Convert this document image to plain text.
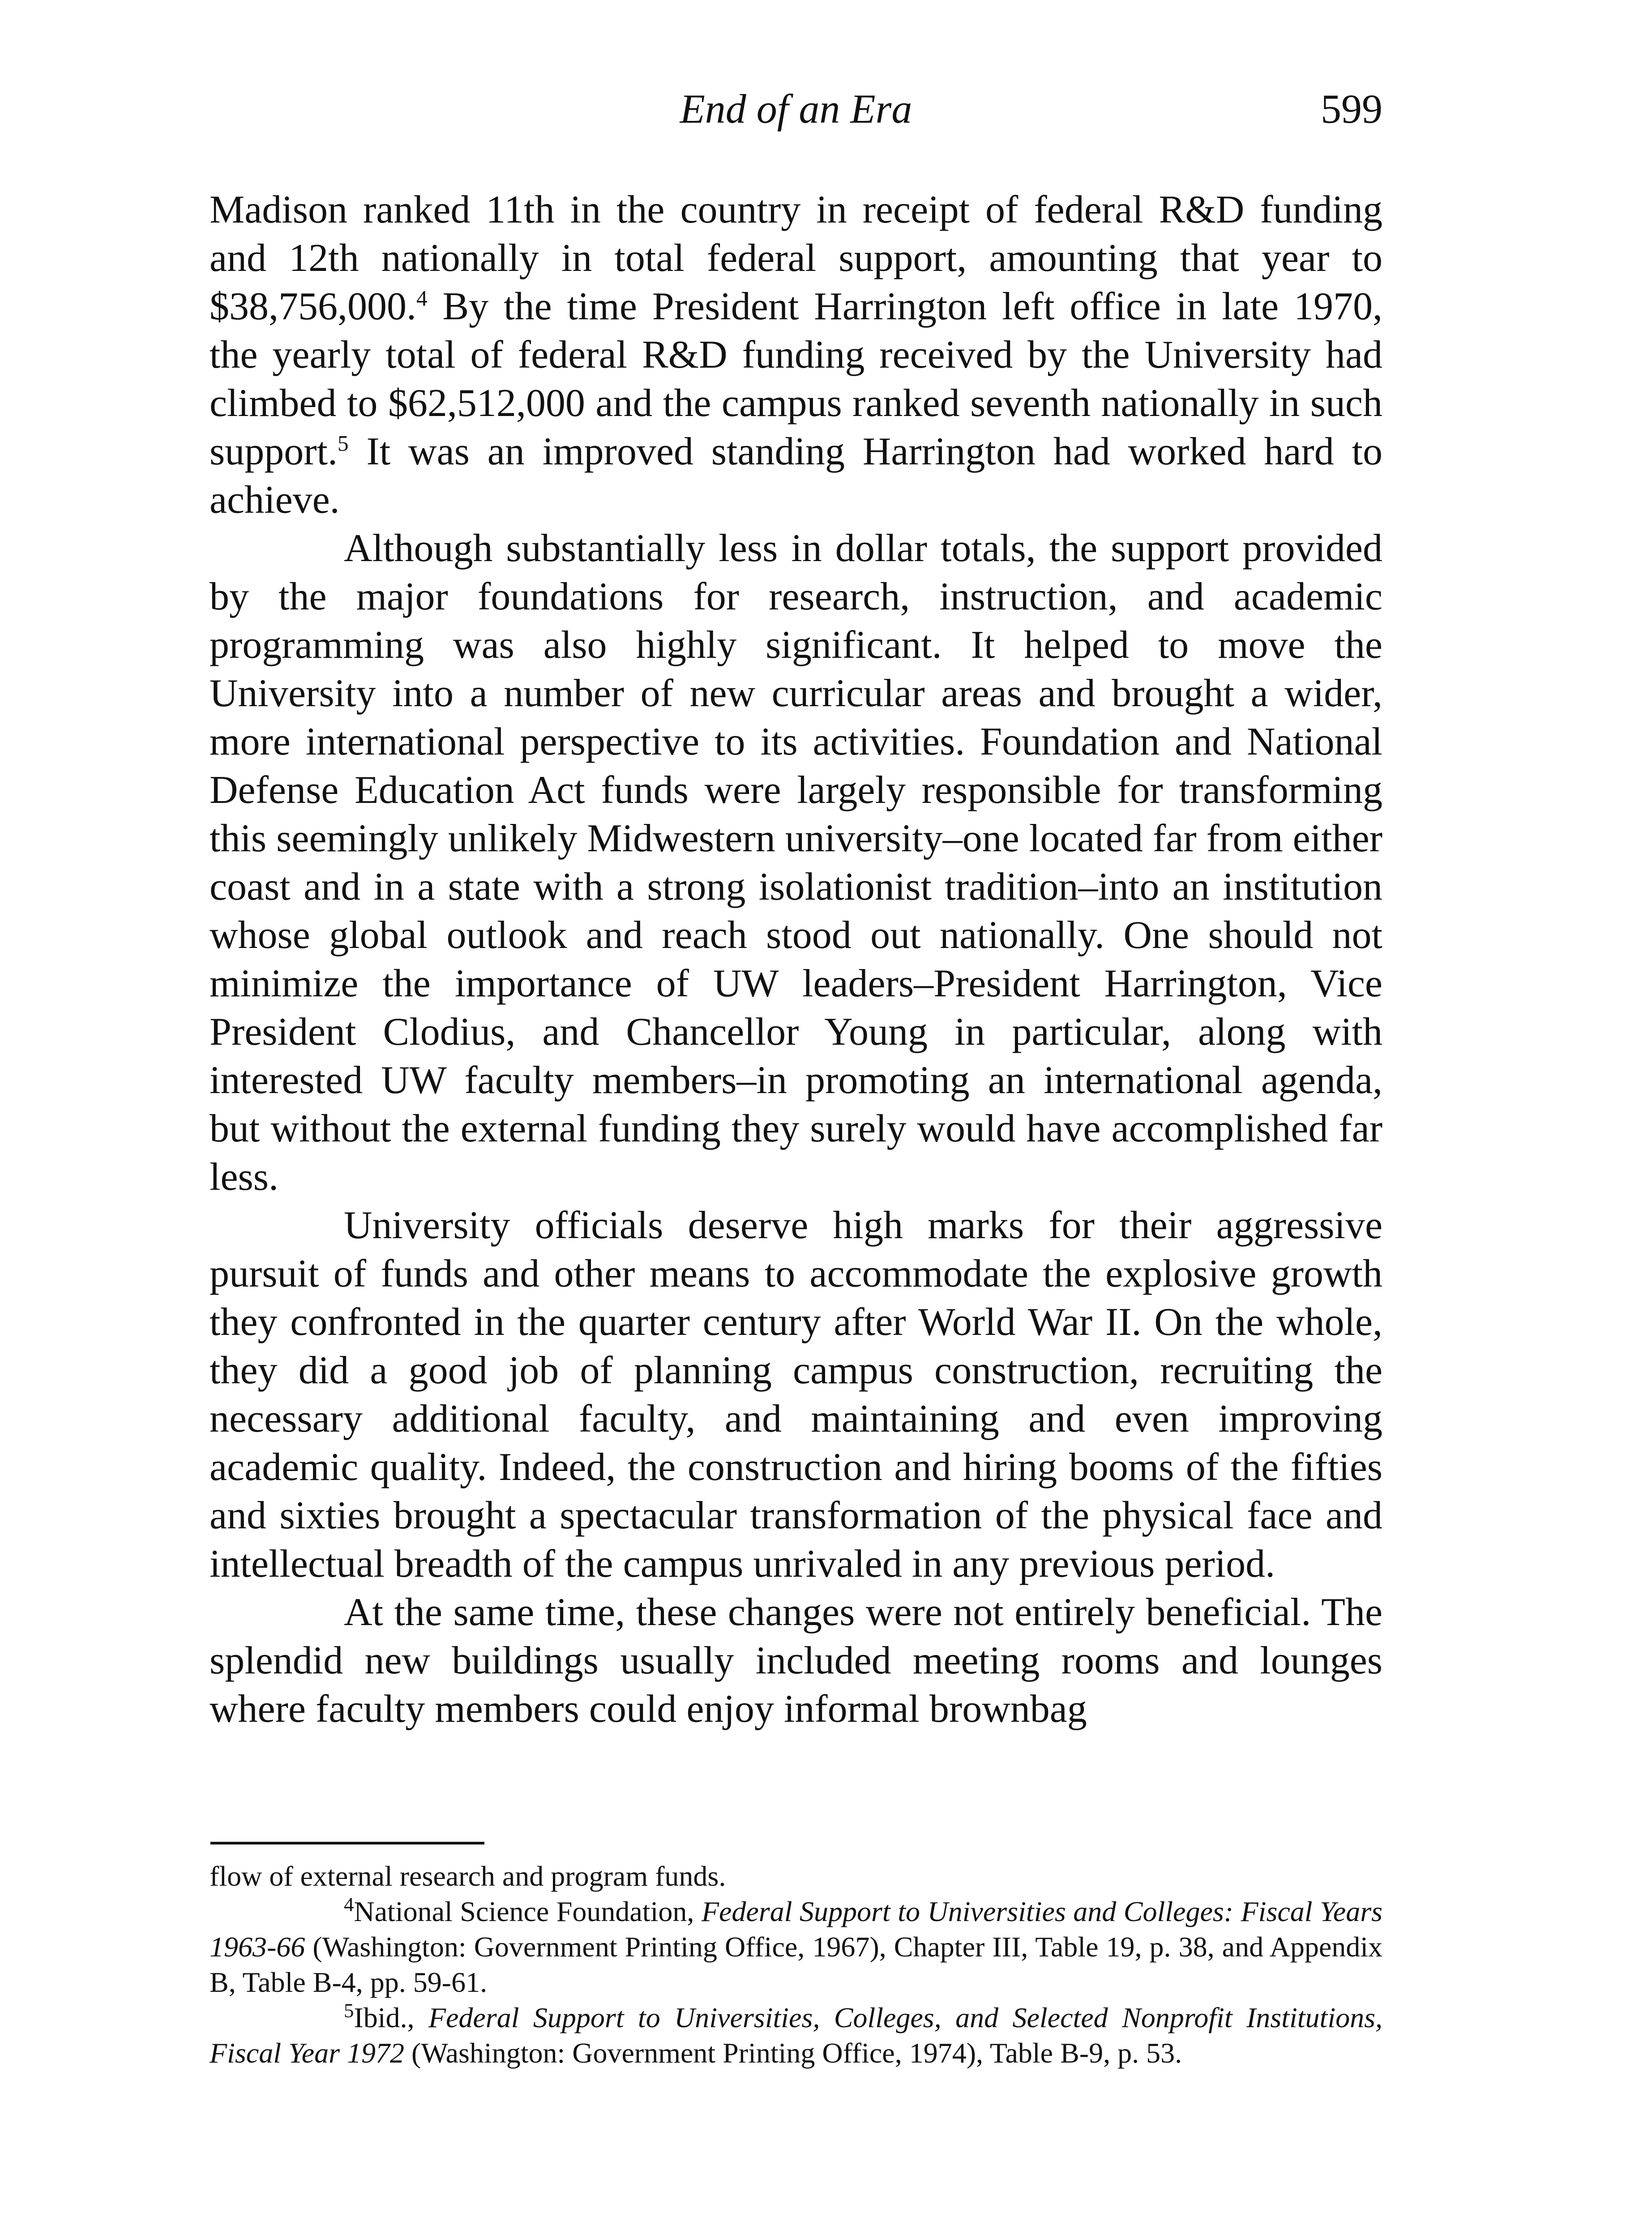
End of an Era	599

Madison ranked 11th in the country in receipt of federal R&D funding and 12th nationally in total federal support, amounting that year to $38,756,000.$^4$ By the time President Harrington left office in late 1970, the yearly total of federal R&D funding received by the University had climbed to $62,512,000 and the campus ranked seventh nationally in such support.$^5$ It was an improved standing Harrington had worked hard to achieve.

Although substantially less in dollar totals, the support provided by the major foundations for research, instruction, and academic programming was also highly significant. It helped to move the University into a number of new curricular areas and brought a wider, more international perspective to its activities. Foundation and National Defense Education Act funds were largely responsible for transforming this seemingly unlikely Midwestern university–one located far from either coast and in a state with a strong isolationist tradition–into an institution whose global outlook and reach stood out nationally. One should not minimize the importance of UW leaders–President Harrington, Vice President Clodius, and Chancellor Young in particular, along with interested UW faculty members–in promoting an international agenda, but without the external funding they surely would have accomplished far less.

University officials deserve high marks for their aggressive pursuit of funds and other means to accommodate the explosive growth they confronted in the quarter century after World War II. On the whole, they did a good job of planning campus construction, recruiting the necessary additional faculty, and maintaining and even improving academic quality. Indeed, the construction and hiring booms of the fifties and sixties brought a spectacular transformation of the physical face and intellectual breadth of the campus unrivaled in any previous period.

At the same time, these changes were not entirely beneficial. The splendid new buildings usually included meeting rooms and lounges where faculty members could enjoy informal brownbag

flow of external research and program funds.

$^4$National Science Foundation, Federal Support to Universities and Colleges: Fiscal Years 1963-66 (Washington: Government Printing Office, 1967), Chapter III, Table 19, p. 38, and Appendix B, Table B-4, pp. 59-61.

$^5$Ibid., Federal Support to Universities, Colleges, and Selected Nonprofit Institutions, Fiscal Year 1972 (Washington: Government Printing Office, 1974), Table B-9, p. 53.
